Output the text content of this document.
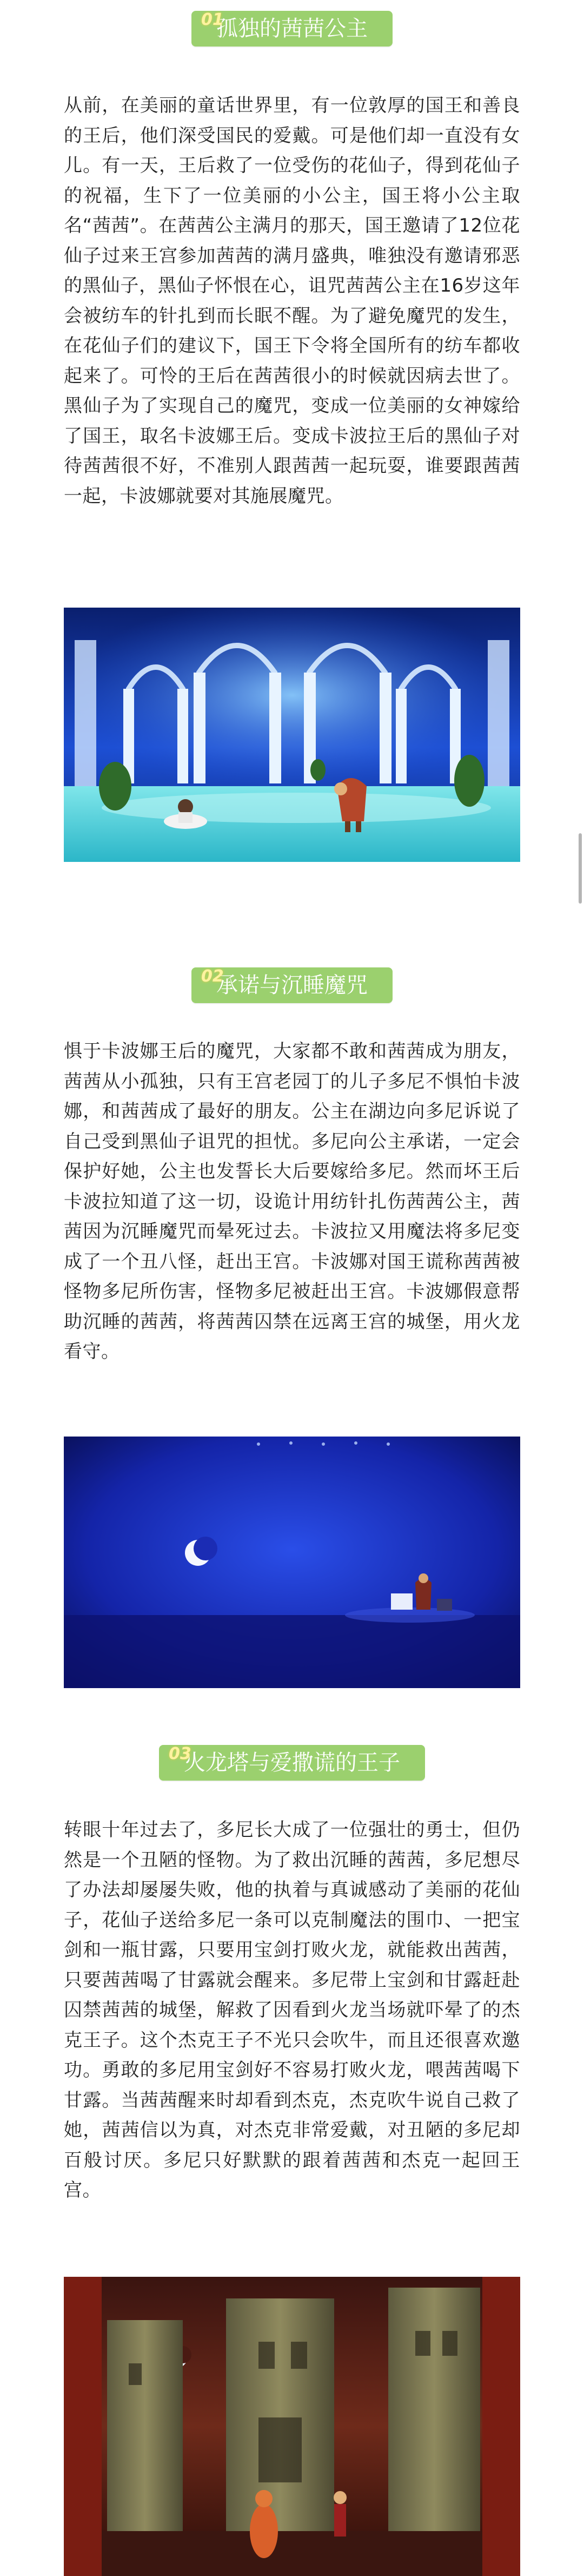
01
孤独的茜茜公主
从前，在美丽的童话世界里，有一位敦厚的国王和善良的王后，他们深受国民的爱戴。可是他们却一直没有女儿。有一天，王后救了一位受伤的花仙子，得到花仙子的祝福，生下了一位美丽的小公主，国王将小公主取名“茜茜”。在茜茜公主满月的那天，国王邀请了12位花仙子过来王宫参加茜茜的满月盛典，唯独没有邀请邪恶的黑仙子，黑仙子怀恨在心，诅咒茜茜公主在16岁这年会被纺车的针扎到而长眠不醒。为了避免魔咒的发生，在花仙子们的建议下，国王下令将全国所有的纺车都收起来了。可怜的王后在茜茜很小的时候就因病去世了。黑仙子为了实现自己的魔咒，变成一位美丽的女神嫁给了国王，取名卡波娜王后。变成卡波拉王后的黑仙子对待茜茜很不好，不准别人跟茜茜一起玩耍，谁要跟茜茜一起，卡波娜就要对其施展魔咒。
02
承诺与沉睡魔咒
惧于卡波娜王后的魔咒，大家都不敢和茜茜成为朋友，茜茜从小孤独，只有王宫老园丁的儿子多尼不惧怕卡波娜，和茜茜成了最好的朋友。公主在湖边向多尼诉说了自己受到黑仙子诅咒的担忧。多尼向公主承诺，一定会保护好她，公主也发誓长大后要嫁给多尼。然而坏王后卡波拉知道了这一切，设诡计用纺针扎伤茜茜公主，茜茜因为沉睡魔咒而晕死过去。卡波拉又用魔法将多尼变成了一个丑八怪，赶出王宫。卡波娜对国王谎称茜茜被怪物多尼所伤害，怪物多尼被赶出王宫。卡波娜假意帮助沉睡的茜茜，将茜茜囚禁在远离王宫的城堡，用火龙看守。
03
火龙塔与爱撒谎的王子
转眼十年过去了，多尼长大成了一位强壮的勇士，但仍然是一个丑陋的怪物。为了救出沉睡的茜茜，多尼想尽了办法却屡屡失败，他的执着与真诚感动了美丽的花仙子，花仙子送给多尼一条可以克制魔法的围巾、一把宝剑和一瓶甘露，只要用宝剑打败火龙，就能救出茜茜，只要茜茜喝了甘露就会醒来。多尼带上宝剑和甘露赶赴囚禁茜茜的城堡，解救了因看到火龙当场就吓晕了的杰克王子。这个杰克王子不光只会吹牛，而且还很喜欢邀功。勇敢的多尼用宝剑好不容易打败火龙，喂茜茜喝下甘露。当茜茜醒来时却看到杰克，杰克吹牛说自己救了她，茜茜信以为真，对杰克非常爱戴，对丑陋的多尼却百般讨厌。多尼只好默默的跟着茜茜和杰克一起回王宫。
